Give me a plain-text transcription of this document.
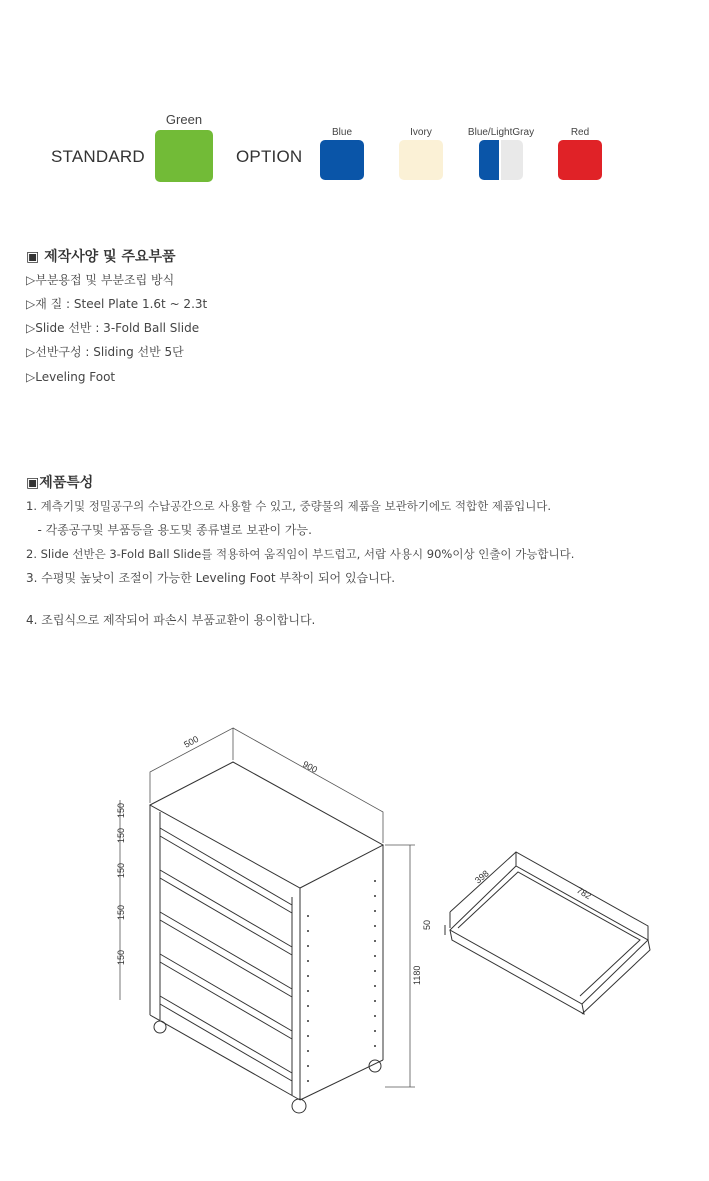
STANDARD
Green
OPTION
Blue	Ivory	Blue/LightGray	Red
▣ 제작사양 및 주요부품
▷부분용접 및 부분조립 방식
▷재 질 : Steel Plate 1.6t ~ 2.3t
▷Slide 선반 : 3-Fold Ball Slide
▷선반구성 : Sliding 선반 5단
▷Leveling Foot
▣제품특성
1. 계측기및 정밀공구의 수납공간으로 사용할 수 있고, 중량물의 제품을 보관하기에도 적합한 제품입니다.
- 각종공구및 부품등을 용도및 종류별로 보관이 가능.
2. Slide 선반은 3-Fold Ball Slide를 적용하여 움직임이 부드럽고, 서랍 사용시 90%이상 인출이 가능합니다.
3. 수평및 높낮이 조절이 가능한 Leveling Foot 부착이 되어 있습니다.
4. 조립식으로 제작되어 파손시 부품교환이 용이합니다.
500
900
1180
150
150
150
150
150
398
782
50
